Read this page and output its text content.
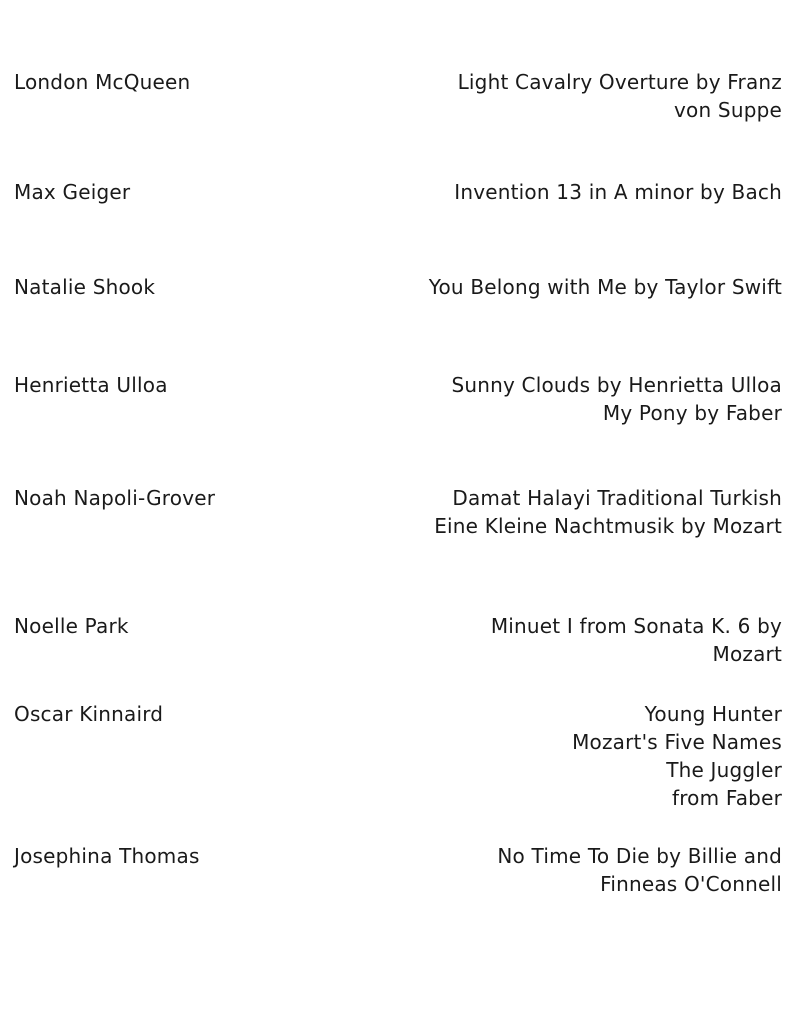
London McQueen	Light Cavalry Overture by Franz
von Suppe
Max Geiger	Invention 13 in A minor by Bach
Natalie Shook	You Belong with Me by Taylor Swift
Henrietta Ulloa	Sunny Clouds by Henrietta Ulloa
My Pony by Faber
Noah Napoli-Grover	Damat Halayi Traditional Turkish
Eine Kleine Nachtmusik by Mozart
Noelle Park	Minuet I from Sonata K. 6 by
Mozart
Oscar Kinnaird	Young Hunter
Mozart's Five Names
The Juggler
from Faber
Josephina Thomas	No Time To Die by Billie and
Finneas O'Connell
